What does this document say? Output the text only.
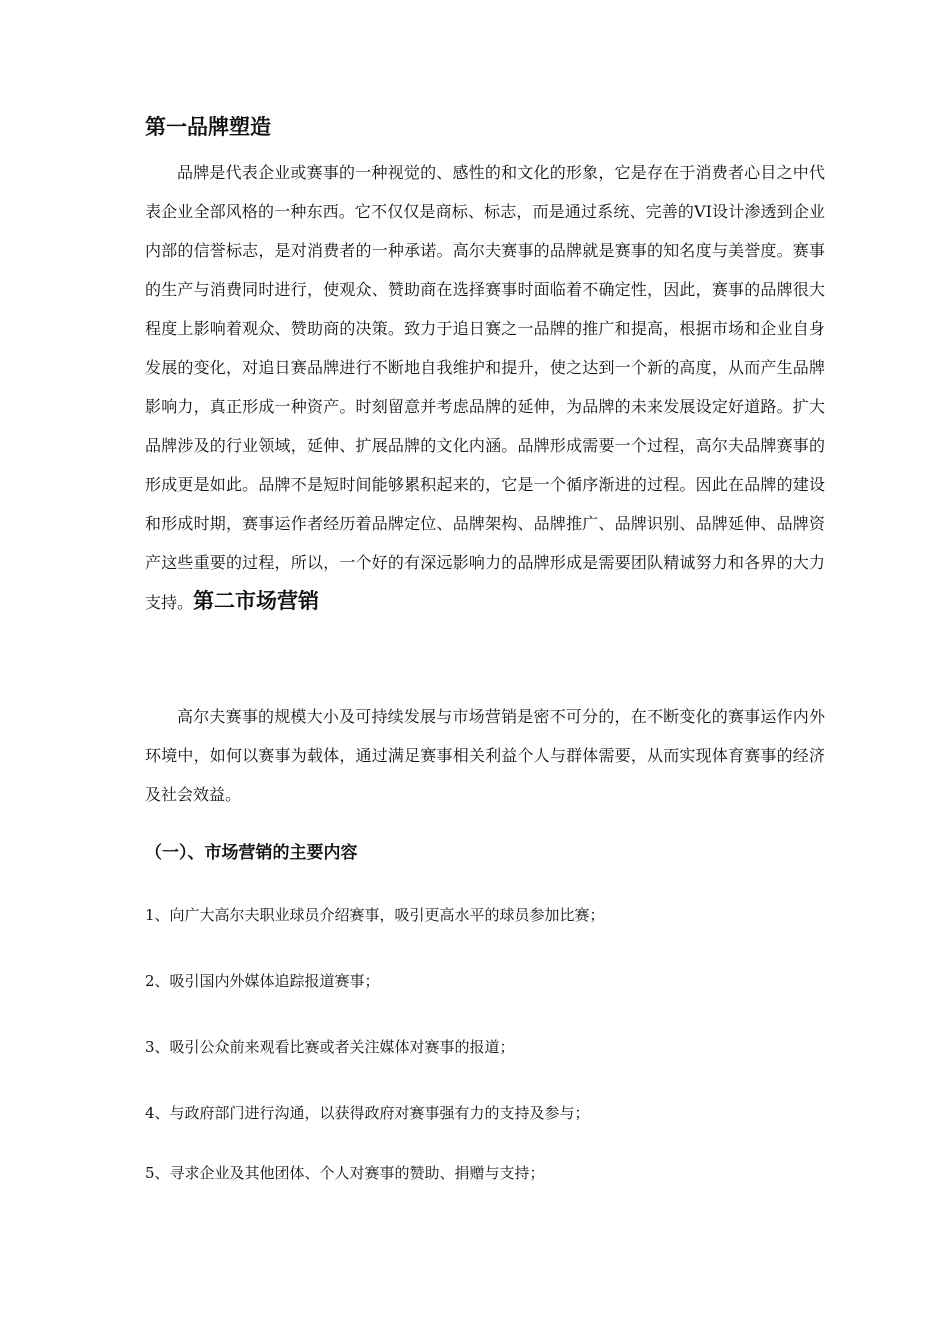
第一品牌塑造
品牌是代表企业或赛事的一种视觉的、感性的和文化的形象，它是存在于消费者心目之中代表企业全部风格的一种东西。它不仅仅是商标、标志，而是通过系统、完善的VI设计渗透到企业内部的信誉标志，是对消费者的一种承诺。高尔夫赛事的品牌就是赛事的知名度与美誉度。赛事的生产与消费同时进行，使观众、赞助商在选择赛事时面临着不确定性，因此，赛事的品牌很大程度上影响着观众、赞助商的决策。致力于追日赛之一品牌的推广和提高，根据市场和企业自身发展的变化，对追日赛品牌进行不断地自我维护和提升，使之达到一个新的高度，从而产生品牌影响力，真正形成一种资产。时刻留意并考虑品牌的延伸，为品牌的未来发展设定好道路。扩大品牌涉及的行业领域，延伸、扩展品牌的文化内涵。品牌形成需要一个过程，高尔夫品牌赛事的形成更是如此。品牌不是短时间能够累积起来的，它是一个循序渐进的过程。因此在品牌的建设和形成时期，赛事运作者经历着品牌定位、品牌架构、品牌推广、品牌识别、品牌延伸、品牌资产这些重要的过程，所以，一个好的有深远影响力的品牌形成是需要团队精诚努力和各界的大力支持。第二市场营销
高尔夫赛事的规模大小及可持续发展与市场营销是密不可分的，在不断变化的赛事运作内外环境中，如何以赛事为载体，通过满足赛事相关利益个人与群体需要，从而实现体育赛事的经济及社会效益。
（一）、市场营销的主要内容
1、向广大高尔夫职业球员介绍赛事，吸引更高水平的球员参加比赛；
2、吸引国内外媒体追踪报道赛事；
3、吸引公众前来观看比赛或者关注媒体对赛事的报道；
4、与政府部门进行沟通，以获得政府对赛事强有力的支持及参与；
5、寻求企业及其他团体、个人对赛事的赞助、捐赠与支持；
